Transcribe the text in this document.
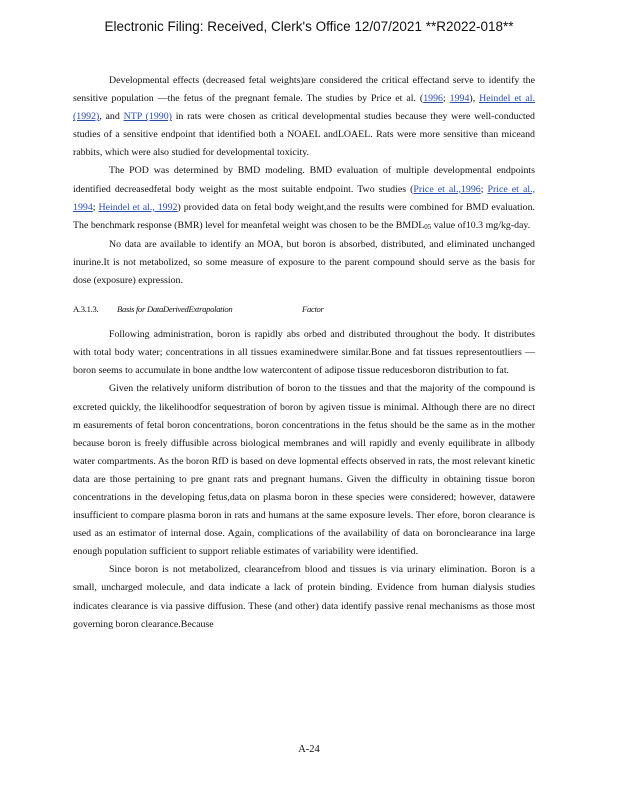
Electronic Filing: Received, Clerk's Office 12/07/2021 **R2022-018**

Developmental effects (decreased fetal weights)are considered the critical effectand serve to identify the sensitive population —the fetus of the pregnant female. The studies by Price et al. (1996; 1994), Heindel et al. (1992), and NTP (1990) in rats were chosen as critical developmental studies because they were well-conducted studies of a sensitive endpoint that identified both a NOAEL andLOAEL. Rats were more sensitive than miceand rabbits, which were also studied for developmental toxicity.

The POD was determined by BMD modeling. BMD evaluation of multiple developmental endpoints identified decreasedfetal body weight as the most suitable endpoint. Two studies (Price et al.,1996; Price et al., 1994; Heindel et al., 1992) provided data on fetal body weight,and the results were combined for BMD evaluation. The benchmark response (BMR) level for meanfetal weight was chosen to be the $BMDL_{05}$ value of10.3 mg/kg-day.

No data are available to identify an MOA, but boron is absorbed, distributed, and eliminated unchanged inurine.It is not metabolized, so some measure of exposure to the parent compound should serve as the basis for dose (exposure) expression.

A.3.1.3.	Basis for DataDerivedExtrapolation	Factor

Following administration, boron is rapidly abs orbed and distributed throughout the body. It distributes with total body water; concentrations in all tissues examinedwere similar.Bone and fat tissues representoutliers —boron seems to accumulate in bone andthe low watercontent of adipose tissue reducesboron distribution to fat.

Given the relatively uniform distribution of boron to the tissues and that the majority of the compound is excreted quickly, the likelihoodfor sequestration of boron by agiven tissue is minimal. Although there are no direct m easurements of fetal boron concentrations, boron concentrations in the fetus should be the same as in the mother because boron is freely diffusible across biological membranes and will rapidly and evenly equilibrate in allbody water compartments. As the boron RfD is based on deve lopmental effects observed in rats, the most relevant kinetic data are those pertaining to pre gnant rats and pregnant humans. Given the difficulty in obtaining tissue boron concentrations in the developing fetus,data on plasma boron in these species were considered; however, datawere insufficient to compare plasma boron in rats and humans at the same exposure levels. Ther efore, boron clearance is used as an estimator of internal dose. Again, complications of the availability of data on boronclearance ina large enough population sufficient to support reliable estimates of variability were identified.

Since boron is not metabolized, clearancefrom blood and tissues is via urinary elimination. Boron is a small, uncharged molecule, and data indicate a lack of protein binding. Evidence from human dialysis studies indicates clearance is via passive diffusion. These (and other) data identify passive renal mechanisms as those most governing boron clearance.Because

A-24
